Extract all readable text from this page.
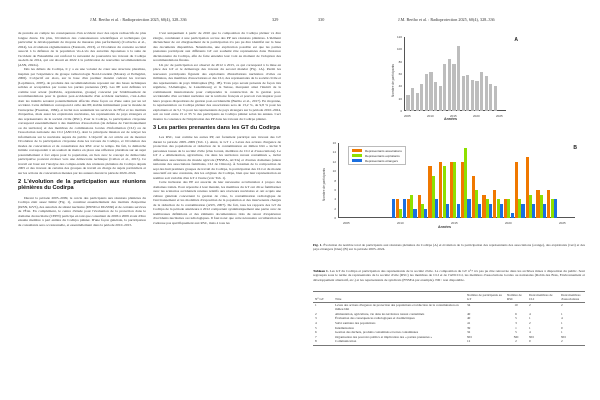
J.M. Bertho et al. : Radioprotection 2025, 60(4), 328–336	329

de prendre en compte les conséquences d'un accident avec des rejets radioactifs de plus longue durée. De plus, l'évolution des connaissances scientifiques et techniques (en particulier le développement de moyens de mesures plus performants) (Corbacho et al., 2024), les évolutions réglementaires (Euratom, 2013), et l'évolution du contexte sociétal associé à la défiance de la population vis-à-vis des autorités Japonaises à la suite de l'accident de Fukushima ont renforcé la nécessité de poursuivre les travaux du Codirpa au-delà de 2014, qui ont abouti en 2022 à la publication de nouvelles recommandations (ASN, 2022a).

Dès les débuts du Codirpa, il y a eu une volonté de créer une structure pluraliste, inspirée par l'expérience du groupe radioécologie Nord-Cotentin (Mourey et Pellegrini, 2006). L'objectif est alors, sur la base d'un premier mandat cadrant les travaux (Lepiliance, 2005), de produire des recommandations reposant sur des bases techniques solides et acceptables par toutes les parties prenantes (PP). Les PP sont définies ici comme tout acteur (individu, organisation, groupe) concerné par l'établissement de recommandations pour la gestion post-accidentelle d'un accident nucléaire, c'est-à-dire dont les intérêts seraient potentiellement affectés d'une façon ou d'une autre par un tel accident. Cette définition correspond à celle des PP, établie initialement pour le monde de l'entreprise (Freeman, 1984), et inclut non seulement les services de l'État et les instituts d'expertise, mais aussi les exploitants nucléaires, les représentants de pays étrangers et des représentants de la société civile (RSC). Pour le Codirpa, la participation citoyenne correspond essentiellement à des membres d'association (de défense de l'environnement ou du territoire) et des membres de commissions locales d'information (CLI) ou de l'association nationale des CLI (ANCCLI), dont la principale mission est de relayer les informations sur le nucléaire auprès du public. L'objectif de cet article est de montrer l'évolution de la participation citoyenne dans les travaux du Codirpa, et l'évolution des modes de concertation et de consultation des RSC avec le temps. De fait, la démarche initiale correspondait à un souhait de mettre en place une réflexion pluraliste sur un sujet potentiellement à fort enjeu pour la population, en lien avec le concept de démocratie participative pouvant évoluer vers une démocratie technique (Callon et al., 2015). Ce travail est basé sur l'analyse des compte-rendu des réunions plénières du Codirpa depuis 2005 et des travaux de certains des groupes de travail en charge de sujets particuliers et sur les actions de concertation menées par les auteurs durant la période 2020–2024.

2 L'évolution de la participation aux réunions plénières du Codirpa

Durant la période 2005–2009, le cercle des participants aux réunions plénières du Codirpa était assez limité (Fig. 1), constitué essentiellement des instituts d'expertise (IRSN, InVS), des autorités de sûreté nucléaire (DSND et DGSNR) et de certains services de l'État. En complément, le centre d'étude pour l'évaluation de la protection dans le domaine du nucléaire (CEPN) participe en tant que consultant de 2006 à 2009 avant d'être ensuite membre à part entière du Codirpa plénier. D'une façon générale, la participation de consultants sera occasionnelle, et essentiellement dans la période 2010–2015.

C'est uniquement à partir de 2010 que la composition du Codirpa plénier va être élargie, conduisant à une participation accrue des PP aux réunions plénières. L'élément déclencheur de cet élargissement de la participation n'a pas pu être identifié sur la base des documents disponibles. Néanmoins, une explication possible est que les parties prenantes participant aux différents GT ont souhaité être représentées dans l'instance décisionnaire du Codirpa, afin de faire entendre leur voix au moment de l'adoption des recommandations finales.

Un pic de participation est observé de 2012 à 2015, ce qui correspond à la mise en place des GT et le démarrage des travaux du second mandat (Fig. 1A). Parmi les nouveaux participants figurent des exploitants d'installations nucléaires civiles ou militaires, des membres d'associations et des CLI, des représentants de la société civile et des représentants de pays limitrophes (Fig. 1B). Trois pays seront présents de façon très régulière, l'Allemagne, le Luxembourg et la Suisse, marquant ainsi l'intérêt de la communauté internationale pour comprendre la construction de la gestion post-accidentelle d'un accident nucléaire sur le territoire français et pouvoir s'en inspirer pour leurs propres dispositions de gestion post-accidentelle (Bertho et al., 2017). En moyenne, la représentation au Codirpa plénier des associations sera de 13,2 %, de 9,8 % pour les exploitants et de 5,1 % pour les représentants de pays étrangers sur la période 2010–2024, soit au total entre 15 et 35 % des participants au Codirpa plénier selon les années. Ceci montre la constance de l'implication des PP dans les travaux du Codirpa plénier.

3 Les parties prenantes dans les GT du Codirpa

Les RSC, tout comme les autres PP, ont fortement participé aux travaux des GT durant la période 2005–2009 (Tab. 1). Ainsi, le GT 1 « Levée des actions d'urgence de protection des populations et réduction de la contamination en milieu bâti » inclut 9 personnes issues de la société civile (élus locaux, membres de CLI et d'associations). Le GT 2 « Alimentation, agriculture, vie dans les territoires ruraux contaminés », inclut différentes associations du monde agricole (FNSEA, ACTA) et d'autres domaines (union nationale des associations familiales, CLI de Chinon). À l'examen de la composition de sept des huit premiers groupes de travail du Codirpa, la participation des CLI et du monde associatif est une constante, dès les origines du Codirpa, bien que leur représentation en nombre soit variable d'un GT à l'autre (voir Tab. 1).

Cette inclusion des PP est assortie de leur nécessaire acculturation à propos des domaines traités. Pour répondre à leur mandat, les membres du GT ont dû se familiariser avec les scénarios accidentels retenus relatifs aux réacteurs nucléaires et ont acquis une culture générale concernant la gestion de crise, la contamination radiologique de l'environnement et les modalités d'exposition de la population et des intervenants chargés de la réduction de la contamination (ASN, 2007). De fait, tous les rapports des GT du Codirpa de la période antérieure à 2012 comportent systématiquement une partie avec de nombreuses définitions et des éléments documentaires tirés du retour d'expérience d'accidents nucléaires ou radiologiques. Il faut noter que cette nécessaire acculturation ne s'adresse pas spécifiquement aux RSC, mais à tous les

330	J.M. Bertho et al. : Radioprotection 2025, 60(4), 328–336
0
20
40
60
80
100
120
2005	2010	2015	2020	2025
A
Nombre de participants
Années
0
2
4
6
8
10
12
14
16
2005	2010	2015	2020	2025
B
Nombre de participants
Années
Représentants associations
Représentants exploitants
Représentants étrangers
Fig. 1. Évolution du nombre total de participants aux réunions plénières du Codirpa (A) et évolution de la participation des représentants des associations (orange), des exploitants (vert) et des pays étrangers (bleu) (B) sur la période 2005–2024.
Tableau 1. Les GT du Codirpa et participation des représentants de la société civile. La composition du GT n°7 n'a pas pu être retrouvée dans les archives mises à disposition du public. Sont regroupés sous le terme de représentants de la société civile (RSC) les membres de CLI et de l'ANCCLI, les membres d'associations locales ou nationales (Robin des Bois, Environnement et développement alternatif, etc.) et les représentants de syndicats (FNSEA par exemple). ND : non disponible.
N° GT	Titre	Nombre de participants au GT	Nombre de RSC	Dont membres de CLI	Dont membres d'associations
1	Levée des actions d'urgence de protection des populations et réduction de la contamination en milieu bâti	34	10	2	2
2	Alimentation, agriculture, vie dans les territoires ruraux contaminés	40	6	4	1
3	Évaluation des conséquences radiologiques et dosimétriques	40	5	1	4
4	Suivi sanitaire des populations	41	3	2	1
5	Indemnisation	39	1	1	0
6	Gestion des déchets, produits contaminés et terres contaminées	32	5	4	1
7	Organisation des pouvoirs publics et implication des « parties prenantes »	ND	ND	ND	ND
8	Communication	12	2	0	2
